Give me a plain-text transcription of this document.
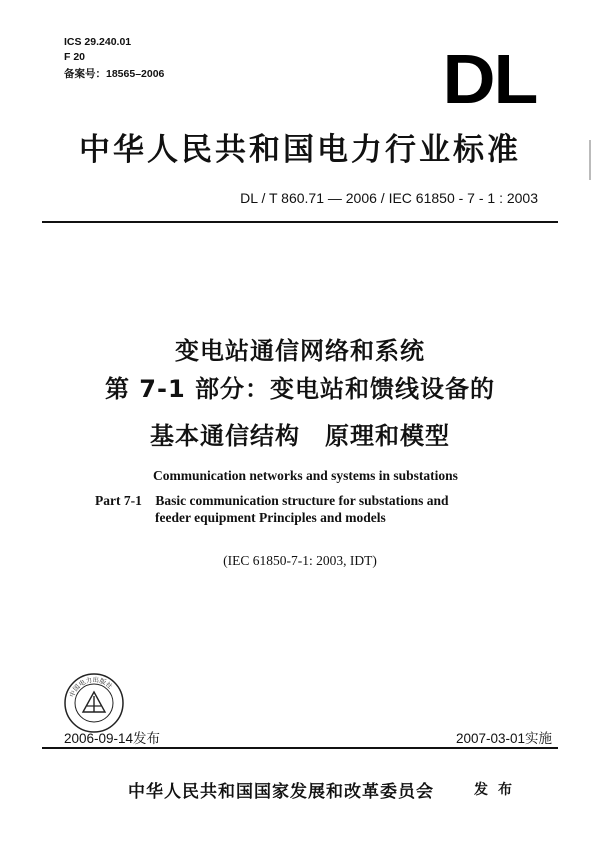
ICS 29.240.01
F 20
备案号：18565–2006	DL
中华人民共和国电力行业标准
DL / T 860.71 — 2006 / IEC 61850 - 7 - 1 : 2003
变电站通信网络和系统
第 7-1 部分：变电站和馈线设备的
基本通信结构　原理和模型
Communication networks and systems in substations
Part 7-1　Basic communication structure for substations and
feeder equipment Principles and models
(IEC 61850-7-1: 2003, IDT)
中国电力出版社
2006-09-14发布	2007-03-01实施
中华人民共和国国家发展和改革委员会	发布
